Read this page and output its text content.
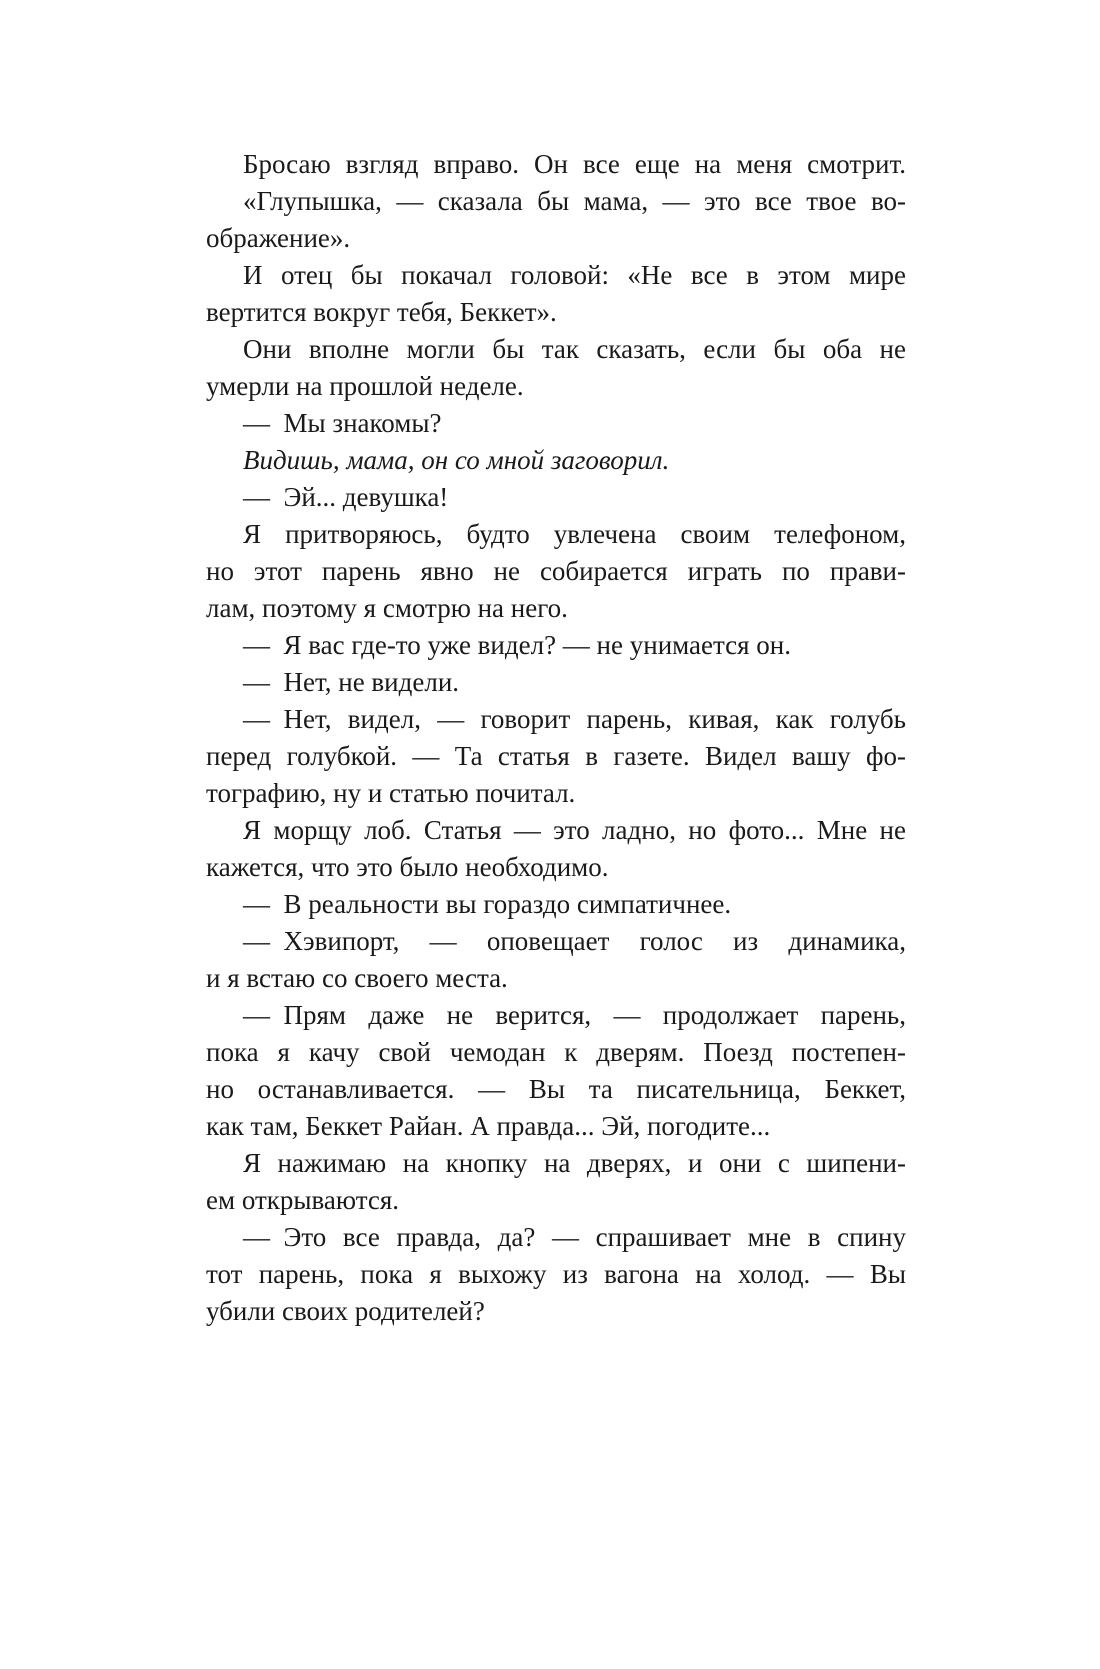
Бросаю взгляд вправо. Он все еще на меня смотрит.
«Глупышка, — сказала бы мама, — это все твое во-
ображение».
И отец бы покачал головой: «Не все в этом мире
вертится вокруг тебя, Беккет».
Они вполне могли бы так сказать, если бы оба не
умерли на прошлой неделе.
— Мы знакомы?
Видишь, мама, он со мной заговорил.
— Эй... девушка!
Я притворяюсь, будто увлечена своим телефоном,
но этот парень явно не собирается играть по прави-
лам, поэтому я смотрю на него.
— Я вас где-то уже видел? — не унимается он.
— Нет, не видели.
— Нет, видел, — говорит парень, кивая, как голубь
перед голубкой. — Та статья в газете. Видел вашу фо-
тографию, ну и статью почитал.
Я морщу лоб. Статья — это ладно, но фото... Мне не
кажется, что это было необходимо.
— В реальности вы гораздо симпатичнее.
— Хэвипорт, — оповещает голос из динамика,
и я встаю со своего места.
— Прям даже не верится, — продолжает парень,
пока я качу свой чемодан к дверям. Поезд постепен-
но останавливается. — Вы та писательница, Беккет,
как там, Беккет Райан. А правда... Эй, погодите...
Я нажимаю на кнопку на дверях, и они с шипени-
ем открываются.
— Это все правда, да? — спрашивает мне в спину
тот парень, пока я выхожу из вагона на холод. — Вы
убили своих родителей?
